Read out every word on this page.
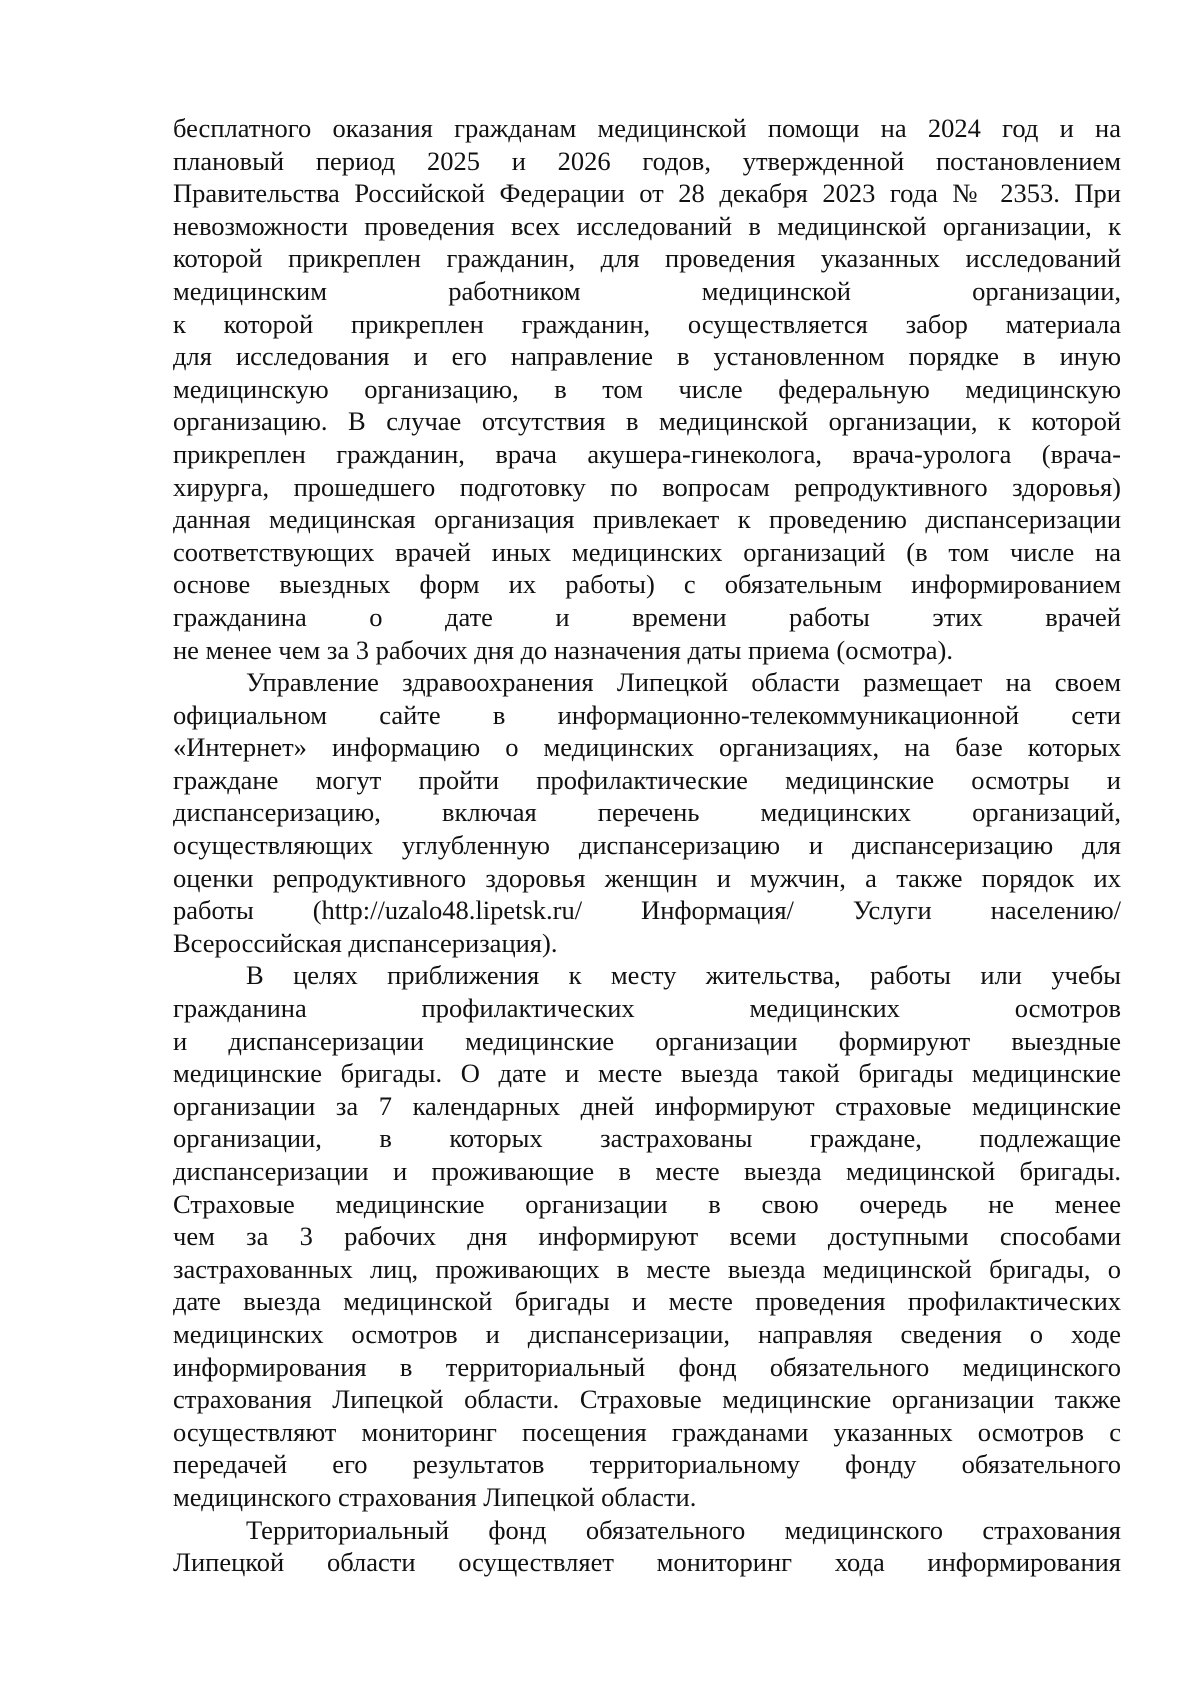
бесплатного оказания гражданам медицинской помощи на 2024 год и на
плановый период 2025 и 2026 годов, утвержденной постановлением
Правительства Российской Федерации от 28 декабря 2023 года № 2353. При
невозможности проведения всех исследований в медицинской организации, к
которой прикреплен гражданин, для проведения указанных исследований
медицинским работником медицинской организации,
к которой прикреплен гражданин, осуществляется забор материала
для исследования и его направление в установленном порядке в иную
медицинскую организацию, в том числе федеральную медицинскую
организацию. В случае отсутствия в медицинской организации, к которой
прикреплен гражданин, врача акушера-гинеколога, врача-уролога (врача-
хирурга, прошедшего подготовку по вопросам репродуктивного здоровья)
данная медицинская организация привлекает к проведению диспансеризации
соответствующих врачей иных медицинских организаций (в том числе на
основе выездных форм их работы) с обязательным информированием
гражданина о дате и времени работы этих врачей
не менее чем за 3 рабочих дня до назначения даты приема (осмотра).
Управление здравоохранения Липецкой области размещает на своем
официальном сайте в информационно-телекоммуникационной сети
«Интернет» информацию о медицинских организациях, на базе которых
граждане могут пройти профилактические медицинские осмотры и
диспансеризацию, включая перечень медицинских организаций,
осуществляющих углубленную диспансеризацию и диспансеризацию для
оценки репродуктивного здоровья женщин и мужчин, а также порядок их
работы (http://uzalo48.lipetsk.ru/ Информация/ Услуги населению/
Всероссийская диспансеризация).
В целях приближения к месту жительства, работы или учебы
гражданина профилактических медицинских осмотров
и диспансеризации медицинские организации формируют выездные
медицинские бригады. О дате и месте выезда такой бригады медицинские
организации за 7 календарных дней информируют страховые медицинские
организации, в которых застрахованы граждане, подлежащие
диспансеризации и проживающие в месте выезда медицинской бригады.
Страховые медицинские организации в свою очередь не менее
чем за 3 рабочих дня информируют всеми доступными способами
застрахованных лиц, проживающих в месте выезда медицинской бригады, о
дате выезда медицинской бригады и месте проведения профилактических
медицинских осмотров и диспансеризации, направляя сведения о ходе
информирования в территориальный фонд обязательного медицинского
страхования Липецкой области. Страховые медицинские организации также
осуществляют мониторинг посещения гражданами указанных осмотров с
передачей его результатов территориальному фонду обязательного
медицинского страхования Липецкой области.
Территориальный фонд обязательного медицинского страхования
Липецкой области осуществляет мониторинг хода информирования
